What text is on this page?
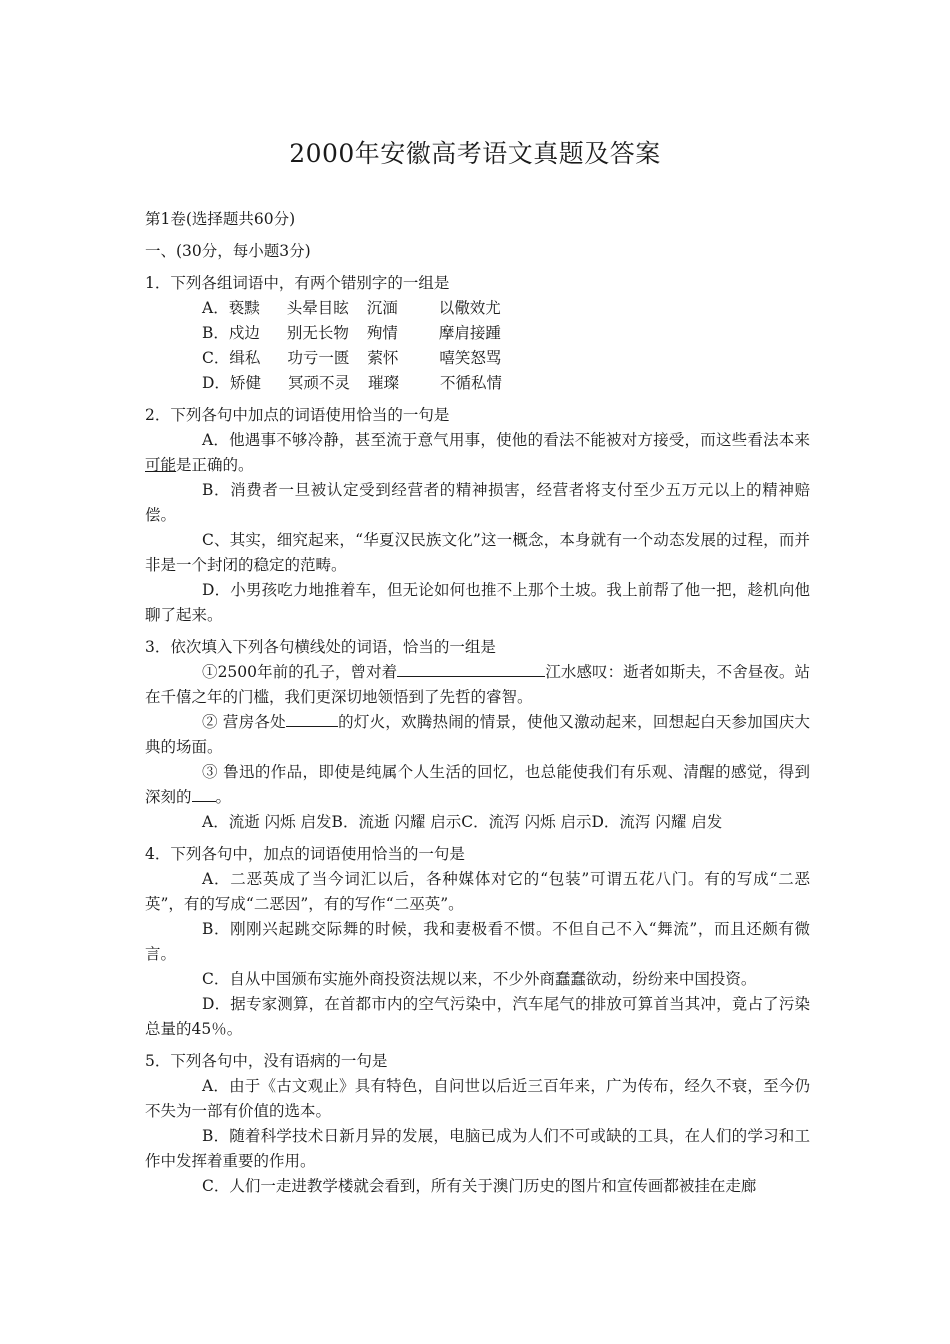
2000年安徽高考语文真题及答案
第1卷(选择题共60分)
一、(30分，每小题3分)
1．下列各组词语中，有两个错别字的一组是
A．亵黩 头晕目眩 沉湎	以儆效尤
B．戍边 别无长物 殉情	摩肩接踵
C．缉私 功亏一匮 萦怀	嘻笑怒骂
D．矫健 冥顽不灵 璀璨	不循私情
2．下列各句中加点的词语使用恰当的一句是

A．他遇事不够冷静，甚至流于意气用事，使他的看法不能被对方接受，而这些看法本来可能是正确的。

B．消费者一旦被认定受到经营者的精神损害，经营者将支付至少五万元以上的精神赔偿。

C、其实，细究起来，“华夏汉民族文化”这一概念，本身就有一个动态发展的过程，而并非是一个封闭的稳定的范畴。

D．小男孩吃力地推着车，但无论如何也推不上那个土坡。我上前帮了他一把，趁机向他聊了起来。

3．依次填入下列各句横线处的词语，恰当的一组是

①2500年前的孔子，曾对着	江水感叹：逝者如斯夫，不舍昼夜。站在千僖之年的门槛，我们更深切地领悟到了先哲的睿智。

② 营房各处	的灯火，欢腾热闹的情景，使他又激动起来，回想起白天参加国庆大典的场面。

③ 鲁迅的作品，即使是纯属个人生活的回忆，也总能使我们有乐观、清醒的感觉，得到深刻的 。

A．流逝 闪烁 启发B．流逝 闪耀 启示C．流泻 闪烁 启示D．流泻 闪耀 启发
4．下列各句中，加点的词语使用恰当的一句是

A．二恶英成了当今词汇以后，各种媒体对它的“包装”可谓五花八门。有的写成“二恶英”，有的写成“二恶因”，有的写作“二巫英”。

B．刚刚兴起跳交际舞的时候，我和妻极看不惯。不但自己不入“舞流”，而且还颇有微言。

C．自从中国颁布实施外商投资法规以来，不少外商蠢蠢欲动，纷纷来中国投资。

D．据专家测算，在首都市内的空气污染中，汽车尾气的排放可算首当其冲，竟占了污染总量的45％。

5．下列各句中，没有语病的一句是

A．由于《古文观止》具有特色，自问世以后近三百年来，广为传布，经久不衰，至今仍不失为一部有价值的选本。

B．随着科学技术日新月异的发展，电脑已成为人们不可或缺的工具，在人们的学习和工作中发挥着重要的作用。

C．人们一走进教学楼就会看到，所有关于澳门历史的图片和宣传画都被挂在走廊
